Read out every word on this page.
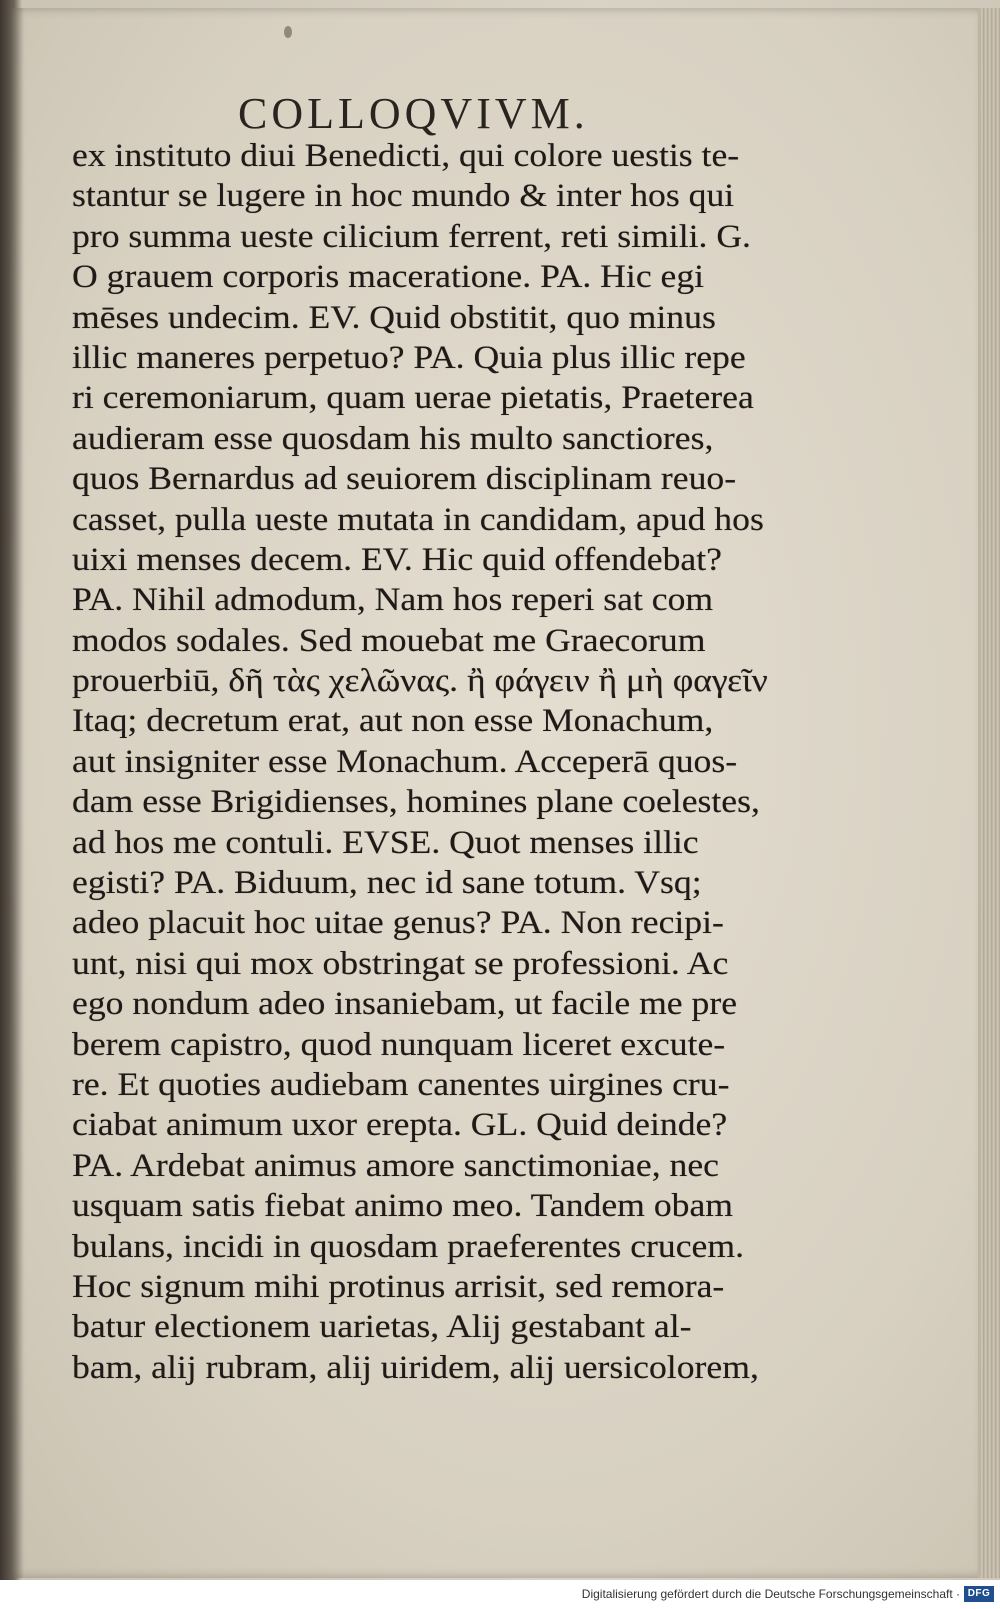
COLLOQVIVM.
ex instituto diui Benedicti, qui colore uestis te-
stantur se lugere in hoc mundo & inter hos qui
pro summa ueste cilicium ferrent, reti simili. G.
O grauem corporis maceratione. PA. Hic egi
mēses undecim. EV. Quid obstitit, quo minus
illic maneres perpetuo? PA. Quia plus illic repe
ri ceremoniarum, quam uerae pietatis, Praeterea
audieram esse quosdam his multo sanctiores,
quos Bernardus ad seuiorem disciplinam reuo-
casset, pulla ueste mutata in candidam, apud hos
uixi menses decem. EV. Hic quid offendebat?
PA. Nihil admodum, Nam hos reperi sat com
modos sodales. Sed mouebat me Graecorum
prouerbiū, δῆ τὰς χελῶνας. ἢ φάγειν ἢ μὴ φαγεῖν
Itaq; decretum erat, aut non esse Monachum,
aut insigniter esse Monachum. Acceperā quos-
dam esse Brigidienses, homines plane coelestes,
ad hos me contuli. EVSE. Quot menses illic
egisti? PA. Biduum, nec id sane totum. Vsq;
adeo placuit hoc uitae genus? PA. Non recipi-
unt, nisi qui mox obstringat se professioni. Ac
ego nondum adeo insaniebam, ut facile me pre
berem capistro, quod nunquam liceret excute-
re. Et quoties audiebam canentes uirgines cru-
ciabat animum uxor erepta. GL. Quid deinde?
PA. Ardebat animus amore sanctimoniae, nec
usquam satis fiebat animo meo. Tandem obam
bulans, incidi in quosdam praeferentes crucem.
Hoc signum mihi protinus arrisit, sed remora-
batur electionem uarietas, Alij gestabant al-
bam, alij rubram, alij uiridem, alij uersicolorem,
Digitalisierung gefördert durch die Deutsche Forschungsgemeinschaft · DFG
